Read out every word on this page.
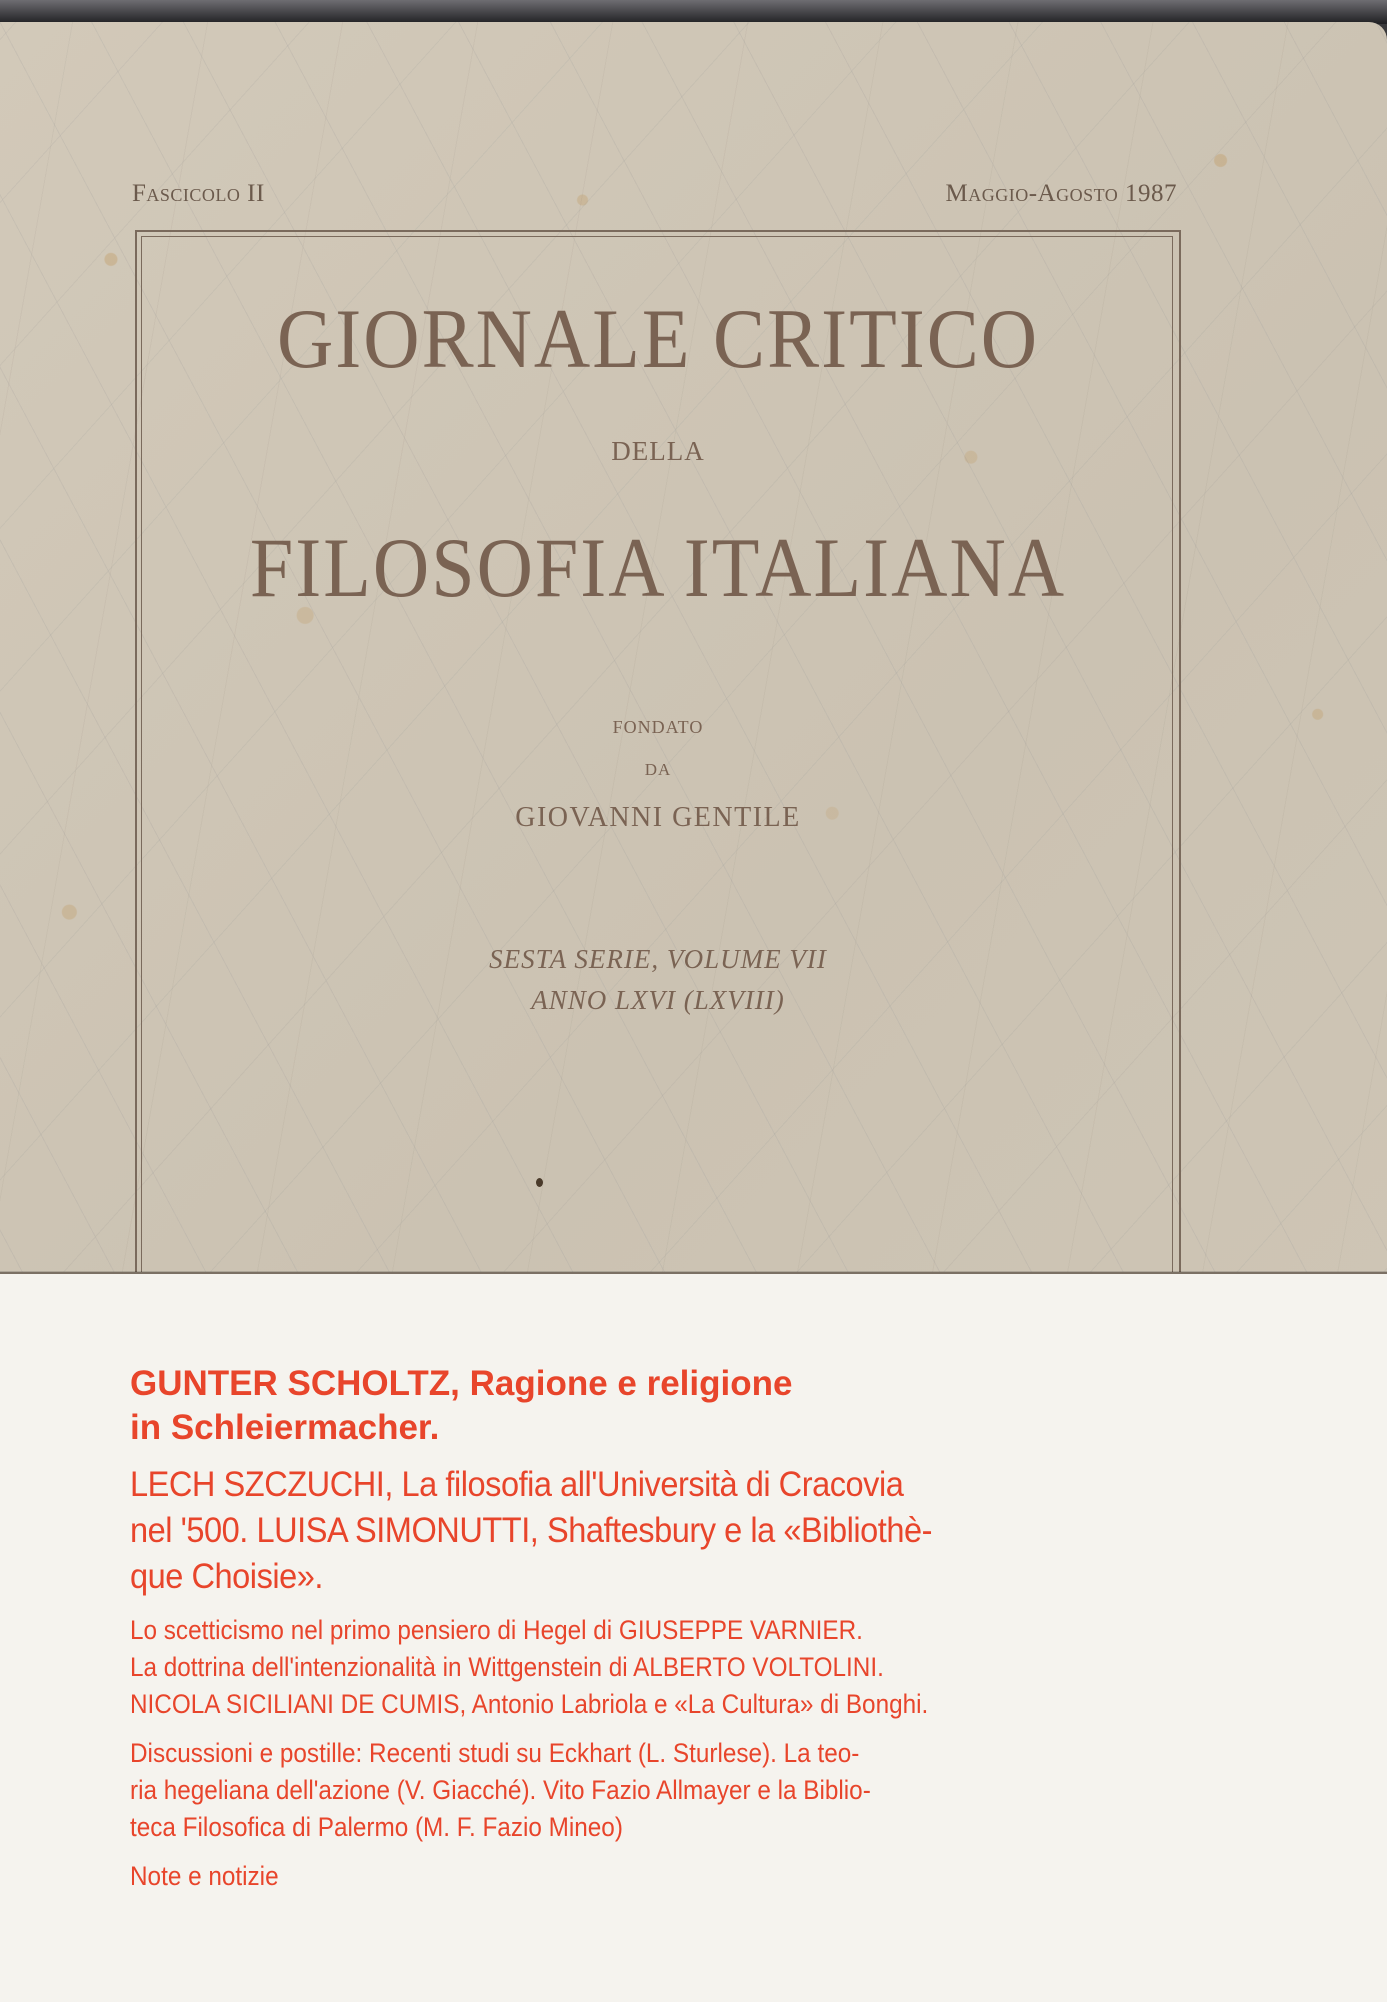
Fascicolo II	Maggio-Agosto 1987
GIORNALE CRITICO
DELLA
FILOSOFIA ITALIANA
FONDATO
DA
GIOVANNI GENTILE
SESTA SERIE, VOLUME VII
ANNO LXVI (LXVIII)
GUNTER SCHOLTZ, Ragione e religione
in Schleiermacher.
LECH SZCZUCHI, La filosofia all'Università di Cracovia
nel '500. LUISA SIMONUTTI, Shaftesbury e la «Bibliothè-
que Choisie».
Lo scetticismo nel primo pensiero di Hegel di GIUSEPPE VARNIER.
La dottrina dell'intenzionalità in Wittgenstein di ALBERTO VOLTOLINI.
NICOLA SICILIANI DE CUMIS, Antonio Labriola e «La Cultura» di Bonghi.
Discussioni e postille: Recenti studi su Eckhart (L. Sturlese). La teo-
ria hegeliana dell'azione (V. Giacché). Vito Fazio Allmayer e la Biblio-
teca Filosofica di Palermo (M. F. Fazio Mineo)
Note e notizie
